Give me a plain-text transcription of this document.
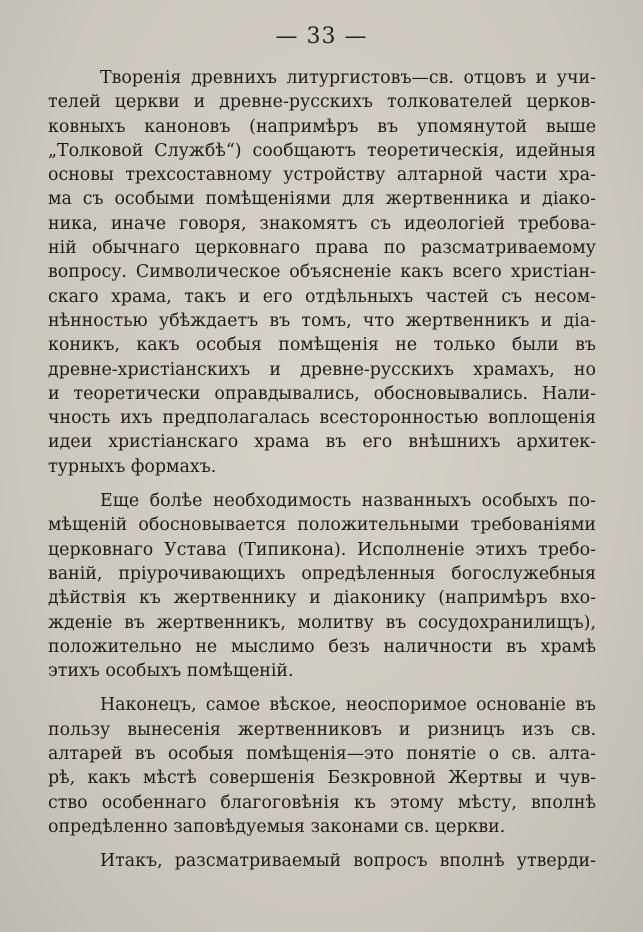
— 33 —
Творенія древнихъ литургистовъ—св. отцовъ и учи-
телей церкви и древне-русскихъ толкователей церков-
ковныхъ каноновъ (напримѣръ въ упомянутой выше
„Толковой Службѣ“) сообщаютъ теоретическія, идейныя
основы трехсоставному устройству алтарной части хра-
ма съ особыми помѣщеніями для жертвенника и діако-
ника, иначе говоря, знакомятъ съ идеологіей требова-
ній обычнаго церковнаго права по разсматриваемому
вопросу. Символическое объясненіе какъ всего христіан-
скаго храма, такъ и его отдѣльныхъ частей съ несом-
нѣнностью убѣждаетъ въ томъ, что жертвенникъ и діа-
коникъ, какъ особыя помѣщенія не только были въ
древне-христіанскихъ и древне-русскихъ храмахъ, но
и теоретически оправдывались, обосновывались. Нали-
чность ихъ предполагалась всесторонностью воплощенія
идеи христіанскаго храма въ его внѣшнихъ архитек-
турныхъ формахъ.
Еще болѣе необходимость названныхъ особыхъ по-
мѣщеній обосновывается положительными требованіями
церковнаго Устава (Типикона). Исполненіе этихъ требо-
ваній, пріурочивающихъ опредѣленныя богослужебныя
дѣйствія къ жертвеннику и діаконику (напримѣръ вхо-
жденіе въ жертвенникъ, молитву въ сосудохранилищъ),
положительно не мыслимо безъ наличности въ храмѣ
этихъ особыхъ помѣщеній.
Наконецъ, самое вѣское, неоспоримое основаніе въ
пользу вынесенія жертвенниковъ и ризницъ изъ св.
алтарей въ особыя помѣщенія—это понятіе о св. алта-
рѣ, какъ мѣстѣ совершенія Безкровной Жертвы и чув-
ство особеннаго благоговѣнія къ этому мѣсту, вполнѣ
опредѣленно заповѣдуемыя законами св. церкви.
Итакъ, разсматриваемый вопросъ вполнѣ утверди-
